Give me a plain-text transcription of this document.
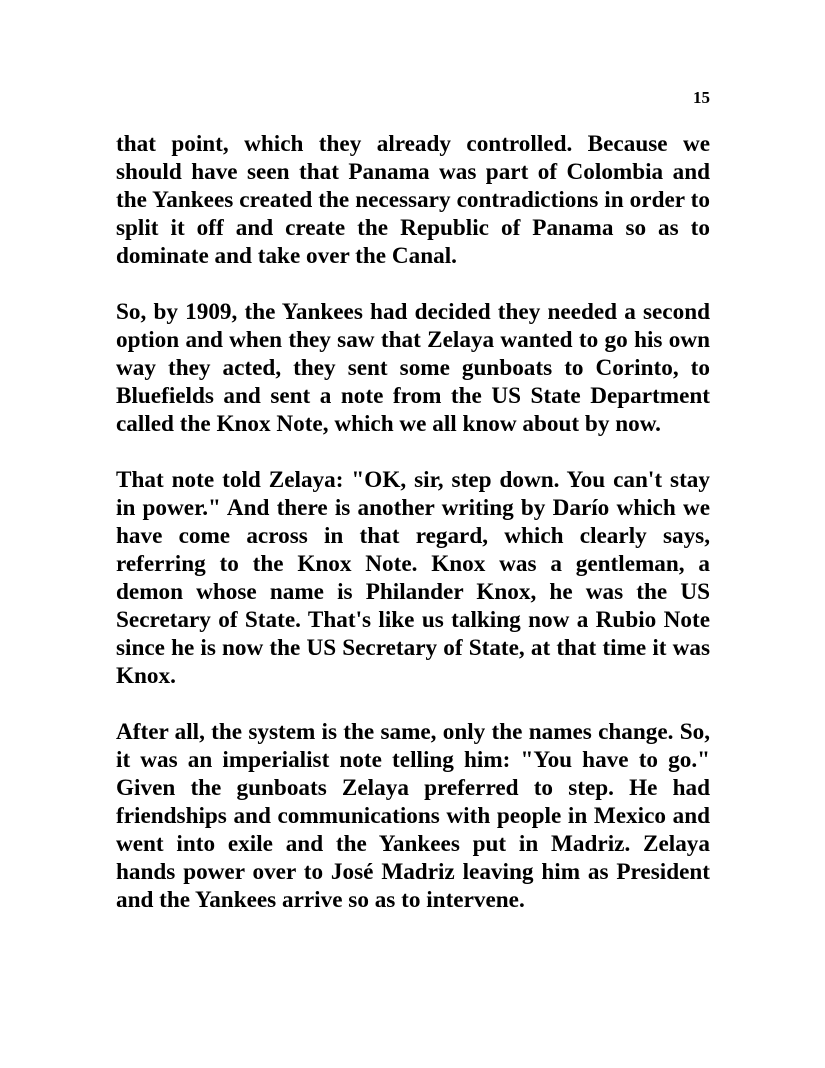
15

that point, which they already controlled. Because we should have seen that Panama was part of Colombia and the Yankees created the necessary contradictions in order to split it off and create the Republic of Panama so as to dominate and take over the Canal.

So, by 1909, the Yankees had decided they needed a second option and when they saw that Zelaya wanted to go his own way they acted, they sent some gunboats to Corinto, to Bluefields and sent a note from the US State Department called the Knox Note, which we all know about by now.

That note told Zelaya: "OK, sir, step down. You can't stay in power." And there is another writing by Darío which we have come across in that regard, which clearly says, referring to the Knox Note. Knox was a gentleman, a demon whose name is Philander Knox, he was the US Secretary of State. That's like us talking now a Rubio Note since he is now the US Secretary of State, at that time it was Knox.

After all, the system is the same, only the names change. So, it was an imperialist note telling him: "You have to go." Given the gunboats Zelaya preferred to step. He had friendships and communications with people in Mexico and went into exile and the Yankees put in Madriz. Zelaya hands power over to José Madriz leaving him as President and the Yankees arrive so as to intervene.
